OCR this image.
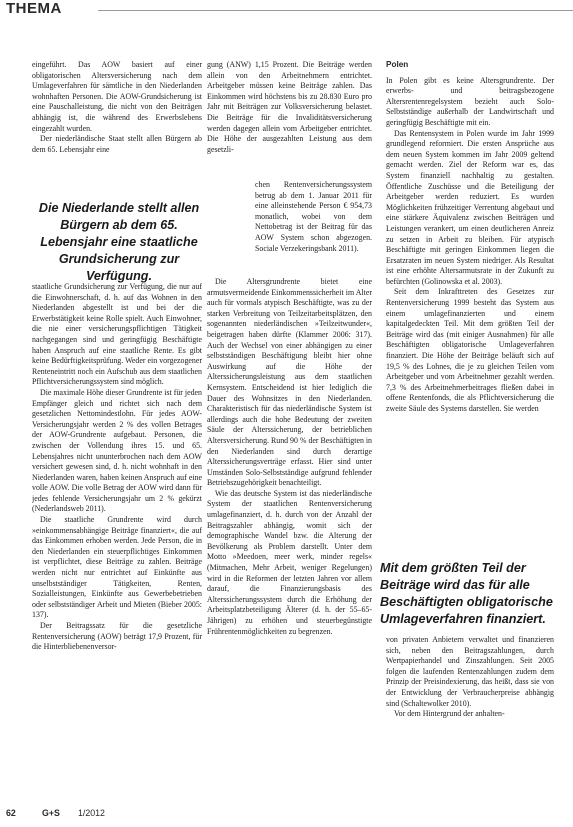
THEMA

eingeführt. Das AOW basiert auf einer obligatorischen Altersversicherung nach dem Umlageverfahren für sämtliche in den Niederlanden wohnhaften Personen. Die AOW-Grundsicherung ist eine Pauschalleistung, die nicht von den Beiträgen abhängig ist, die während des Erwerbslebens eingezahlt wurden.

Der niederländische Staat stellt allen Bürgern ab dem 65. Lebensjahr eine

Die Niederlande stellt allen Bürgern ab dem 65. Lebensjahr eine staatliche Grundsicherung zur Verfügung.

staatliche Grundsicherung zur Verfügung, die nur auf die Einwohnerschaft, d. h. auf das Wohnen in den Niederlanden abgestellt ist und bei der die Erwerbstätigkeit keine Rolle spielt. Auch Einwohner, die nie einer versicherungspflichtigen Tätigkeit nachgegangen sind und geringfügig Beschäftigte haben Anspruch auf eine staatliche Rente. Es gibt keine Bedürftigkeitsprüfung. Weder ein vorgezogener Renteneintritt noch ein Aufschub aus dem staatlichen Pflichtversicherungssystem sind möglich.

Die maximale Höhe dieser Grundrente ist für jeden Empfänger gleich und richtet sich nach dem gesetzlichen Nettomindestlohn. Für jedes AOW-Versicherungsjahr werden 2 % des vollen Betrages der AOW-Grundrente aufgebaut. Personen, die zwischen der Vollendung ihres 15. und 65. Lebensjahres nicht ununterbrochen nach dem AOW versichert gewesen sind, d. h. nicht wohnhaft in den Niederlanden waren, haben keinen Anspruch auf eine volle AOW. Die volle Betrag der AOW wird dann für jedes fehlende Versicherungsjahr um 2 % gekürzt (Nederlandsweb 2011).

Die staatliche Grundrente wird durch »einkommensabhängige Beiträge finanziert«, die auf das Einkommen erhoben werden. Jede Person, die in den Niederlanden ein steuerpflichtiges Einkommen ist verpflichtet, diese Beiträge zu zahlen. Beiträge werden nicht nur entrichtet auf Einkünfte aus unselbstständiger Tätigkeiten, Renten, Sozialleistungen, Einkünfte aus Gewerbebetrieben oder selbstständiger Arbeit und Mieten (Bieber 2005: 137).

Der Beitragssatz für die gesetzliche Rentenversicherung (AOW) beträgt 17,9 Prozent, für die Hinterbliebenenversor-

gung (ANW) 1,15 Prozent. Die Beiträge werden allein von den Arbeitnehmern entrichtet. Arbeitgeber müssen keine Beiträge zahlen. Das Einkommen wird höchstens bis zu 28.830 Euro pro Jahr mit Beiträgen zur Volksversicherung belastet. Die Beiträge für die Invaliditätsversicherung werden dagegen allein vom Arbeitgeber entrichtet. Die Höhe der ausgezahlten Leistung aus dem gesetzli-

chen Rentenversicherungssystem betrug ab dem 1. Januar 2011 für eine alleinstehende Person € 954,73 monatlich, wobei von dem Nettobetrag ist der Beitrag für das AOW System schon abgezogen. Sociale Verzekeringsbank 2011).

Die Altersgrundrente bietet eine armutsvermeidende Einkommenssicherheit im Alter auch für vormals atypisch Beschäftigte, was zu der starken Verbreitung von Teilzeitarbeitsplätzen, den sogenannten niederländischen »Teilzeitwunder«, beigetragen haben dürfte (Klammer 2006: 317). Auch der Wechsel von einer abhängigen zu einer selbstständigen Beschäftigung bleibt hier ohne Auswirkung auf die Höhe der Alterssicherungsleistung aus dem staatlichen Kernsystem. Entscheidend ist hier lediglich die Dauer des Wohnsitzes in den Niederlanden. Charakteristisch für das niederländische System ist allerdings auch die hohe Bedeutung der zweiten Säule der Alterssicherung, der betrieblichen Altersversicherung. Rund 90 % der Beschäftigten in den Niederlanden sind durch derartige Alterssicherungsverträge erfasst. Hier sind unter Umständen Solo-Selbstständige aufgrund fehlender Betriebszugehörigkeit benachteiligt.

Wie das deutsche System ist das niederländische System der staatlichen Rentenversicherung umlagefinanziert, d. h. durch von der Anzahl der Beitragszahler abhängig, womit sich der demographische Wandel bzw. die Alterung der Bevölkerung als Problem darstellt. Unter dem Motto »Meedoen, meer werk, minder regels« (Mitmachen, Mehr Arbeit, weniger Regelungen) wird in die Reformen der letzten Jahren vor allem darauf, die Finanzierungsbasis des Alterssicherungssystem durch die Erhöhung der Arbeitsplatzbeteiligung Älterer (d. h. der 55–65-Jährigen) zu erhöhen und steuerbegünstigte Frührentenmöglichkeiten zu begrenzen.

Polen

In Polen gibt es keine Altersgrundrente. Der erwerbs- und beitragsbezogene Altersrentenregelsystem bezieht auch Solo-Selbstständige außerhalb der Landwirtschaft und geringfügig Beschäftigte mit ein.

Das Rentensystem in Polen wurde im Jahr 1999 grundlegend reformiert. Die ersten Ansprüche aus dem neuen System kommen im Jahr 2009 geltend gemacht werden. Ziel der Reform war es, das System finanziell nachhaltig zu gestalten. Öffentliche Zuschüsse und die Beteiligung der Arbeitgeber werden reduziert. Es wurden Möglichkeiten frühzeitiger Verrentung abgebaut und eine stärkere Äquivalenz zwischen Beiträgen und Leistungen verankert, um einen deutlicheren Anreiz zu setzen in Arbeit zu bleiben. Für atypisch Beschäftigte mit geringen Einkommen liegen die Ersatzraten im neuen System niedriger. Als Resultat ist eine erhöhte Altersarmutsrate in der Zukunft zu befürchten (Golinowska et al. 2003).

Seit dem Inkrafttreten des Gesetzes zur Rentenversicherung 1999 besteht das System aus einem umlagefinanzierten und einem kapitalgedeckten Teil. Mit dem größten Teil der Beiträge wird das (mit einiger Ausnahmen) für alle Beschäftigten obligatorische Umlageverfahren finanziert. Die Höhe der Beiträge beläuft sich auf 19,5 % des Lohnes, die je zu gleichen Teilen vom Arbeitgeber und vom Arbeitnehmer gezahlt werden. 7,3 % des Arbeitnehmerbeitrages fließen dabei in offene Rentenfonds, die als Pflichtversicherung die zweite Säule des Systems darstellen. Sie werden

Mit dem größten Teil der Beiträge wird das für alle Beschäftigten obligatorische Umlageverfahren finanziert.

von privaten Anbietern verwaltet und finanzieren sich, neben den Beitragszahlungen, durch Wertpapierhandel und Zinszahlungen. Seit 2005 folgen die laufenden Rentenzahlungen zudem dem Prinzip der Preisindexierung, das heißt, dass sie von der Entwicklung der Verbraucherpreise abhängig sind (Schaltewolker 2010).

Vor dem Hintergrund der anhalten-

62	G+S 1/2012
